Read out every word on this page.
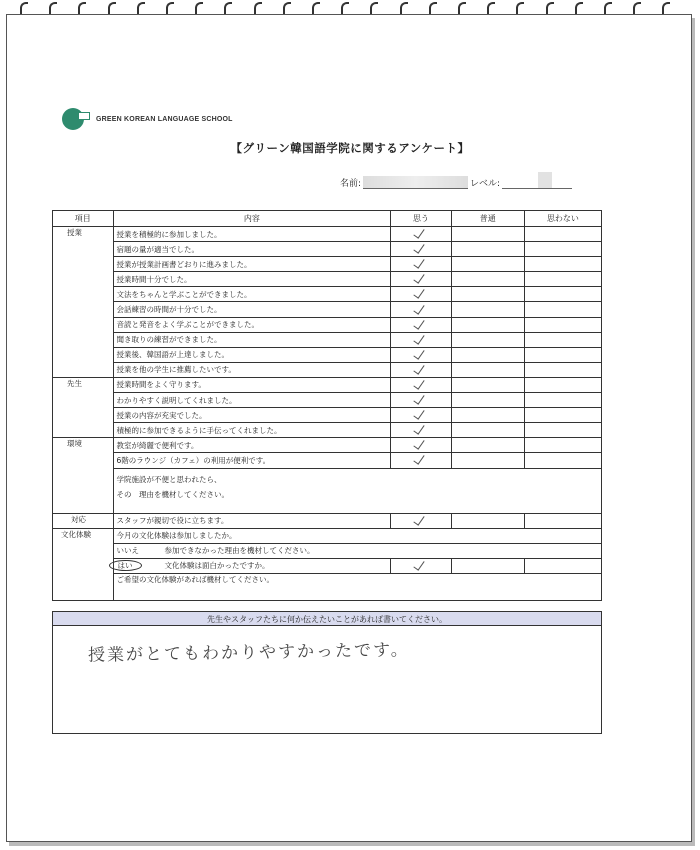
GREEN KOREAN LANGUAGE SCHOOL
【グリーン韓国語学院に関するアンケート】
名前:	レベル:
項目	内容	思う	普通	思わない
授業	授業を積極的に参加しました。			
	宿題の量が適当でした。			
	授業が授業計画書どおりに進みました。			
	授業時間十分でした。			
	文法をちゃんと学ぶことができました。			
	会話練習の時間が十分でした。			
	音読と発音をよく学ぶことができました。			
	聞き取りの練習ができました。			
	授業後、韓国語が上達しました。			
	授業を他の学生に推薦したいです。			
先生	授業時間をよく守ります。			
	わかりやすく説明してくれました。			
	授業の内容が充実でした。			
	積極的に参加できるように手伝ってくれました。			
環境	教室が綺麗で便利です。			
	6階のラウンジ（カフェ）の利用が便利です。			

	学院施設が不便と思われたら、
その　理由を機材してください。			

対応	スタッフが親切で役に立ちます。			
文化体験	今月の文化体験は参加しましたか。			

	いいえ 参加できなかった理由を機材してください。			

	はい 文化体験は面白かったですか。			

	ご希望の文化体験があれば機材してください。			
先生やスタッフたちに何か伝えたいことがあれば書いてください。
授業がとてもわかりやすかったです。
